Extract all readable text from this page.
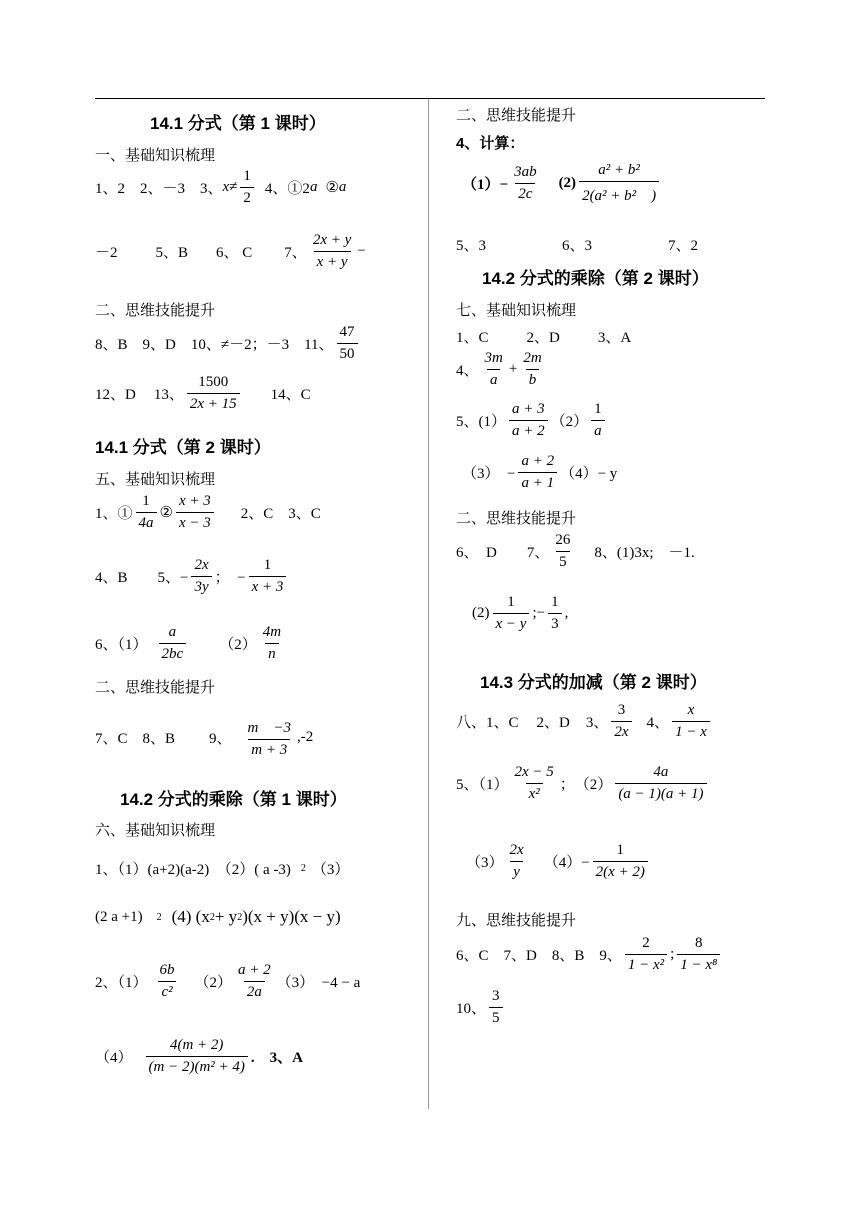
14.1 分式（第 1 课时）
一、基础知识梳理
1、2　2、－3　3、 $x \ne \frac{1}{2} 4$、①2 a ② a
－2	5、B 6、 C 7、 $\frac{2x + y}{x + y}$ −
二、思维技能提升
8、B　9、D　10、≠－2；－3　11、 $\frac{47}{50}$
12、D 13、 $\frac{1500}{2x + 15} 14$、C
14.1 分式（第 2 课时）
五、基础知识梳理
1、① $\frac{1}{4a}$ ② $\frac{x + 3}{x - 3} 2$、C　3、C
4、B 5、− $\frac{2x}{3y}$ ；　− $\frac{1}{x + 3}$
6、$(1) \frac{a}{2bc} (2) \frac{4m}{n}$
二、思维技能提升
7、C　8、B 9、 $\frac{m -3}{m + 3} ,-2$
14.2 分式的乘除（第 1 课时）
六、基础知识梳理
1、（1）(a+2)(a-2)　（2）( a -3) 2 （3）
(2 a +1) 2 (4) (x 2 + y 2 )(x + y)(x − y)
2、$(1) \frac{6b}{\text{c²}} (2) \frac{a + 2}{2a} (3)$　−4 − a
$(4) \frac{4(m + 2)}{\text{(m − 2)(m² + 4)}}$ .　3、A
二、思维技能提升
4、计算：
$(1)- \frac{3ab}{2c} (2) \frac{\text{a² + b²}}{\text{2(a² + b²　)}}$
5、3	6、3	7、2
14.2 分式的乘除（第 2 课时）
七、基础知识梳理
1、C	2、D	3、A
4、 $\frac{3m}{a} + \frac{2m}{b}$
5、$(1) \frac{a + 3}{a + 2} (2) \frac{1}{a}$
（3）　− $\frac{a + 2}{a + 1} (4)- y$
二、思维技能提升
6、　D 7、 $\frac{26}{5} 8$、(1)3x;　－1.
$(2) \frac{1}{x - y}$ ;− $\frac{1}{3}$ ,
14.3 分式的加减（第 2 课时）
八、1、C 2、D 3、 $\frac{3}{2x} 4$、 $\frac{x}{1 - x}$
5、$(1) \frac{2x - 5}{\text{x²}}$ ；　$(2) \frac{4a}{(a - 1)(a + 1)}$
$(3) \frac{2x}{y} (4)- \frac{1}{2(x + 2)}$
九、思维技能提升
6、C　7、D　8、B　9、 $\frac{2}{\text{1 − x²}}$ ; $\frac{8}{\text{1 − x⁸}}$
10、 $\frac{3}{5}$
